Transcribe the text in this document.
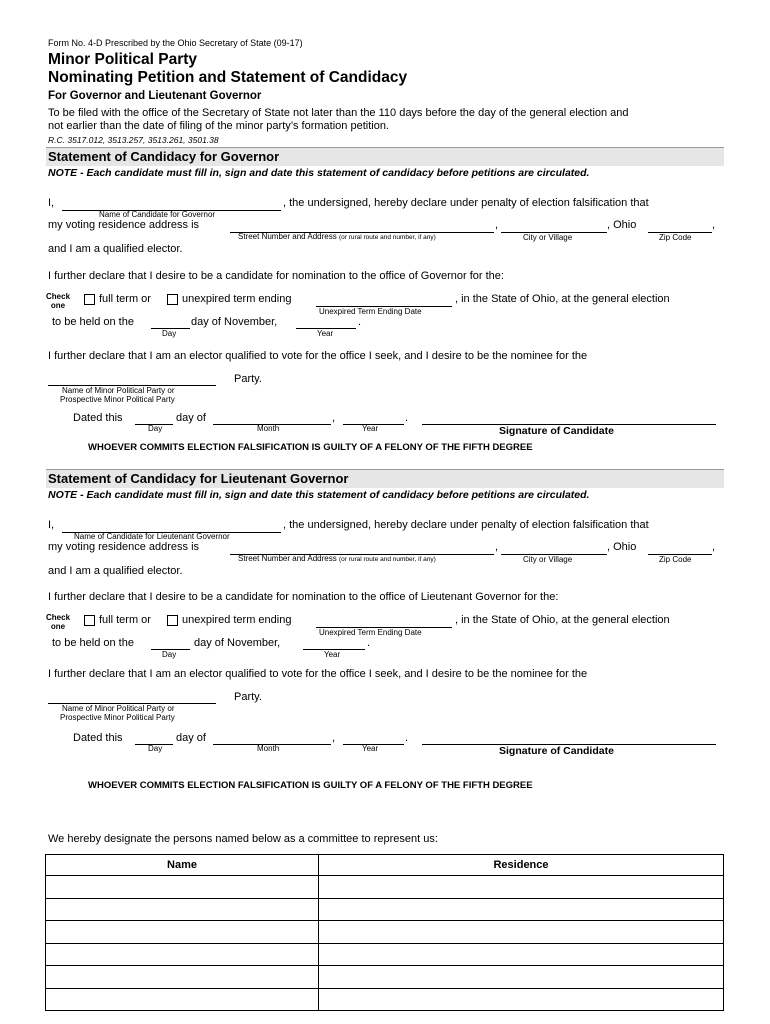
Form No. 4-D Prescribed by the Ohio Secretary of State (09-17)
Minor Political Party
Nominating Petition and Statement of Candidacy
For Governor and Lieutenant Governor
To be filed with the office of the Secretary of State not later than the 110 days before the day of the general election and
not earlier than the date of filing of the minor party’s formation petition.
R.C. 3517.012, 3513.257, 3513.261, 3501.38
Statement of Candidacy for Governor
NOTE - Each candidate must fill in, sign and date this statement of candidacy before petitions are circulated.
I,	, the undersigned, hereby declare under penalty of election falsification that
Name of Candidate for Governor
my voting residence address is	,	, Ohio	,
Street Number and Address (or rural route and number, if any)	City or Village	Zip Code
and I am a qualified elector.
I further declare that I desire to be a candidate for nomination to the office of Governor for the:
Check
one
full term or	unexpired term ending	, in the State of Ohio, at the general election
Unexpired Term Ending Date
to be held on the	day of November,	.
Day	Year
I further declare that I am an elector qualified to vote for the office I seek, and I desire to be the nominee for the
Party.
Name of Minor Political Party or
Prospective Minor Political Party
Dated this	day of	,	.
Day	Month	Year	Signature of Candidate
WHOEVER COMMITS ELECTION FALSIFICATION IS GUILTY OF A FELONY OF THE FIFTH DEGREE
Statement of Candidacy for Lieutenant Governor
NOTE - Each candidate must fill in, sign and date this statement of candidacy before petitions are circulated.
I,	, the undersigned, hereby declare under penalty of election falsification that
Name of Candidate for Lieutenant Governor
my voting residence address is	,	, Ohio	,
Street Number and Address (or rural route and number, if any)	City or Village	Zip Code
and I am a qualified elector.
I further declare that I desire to be a candidate for nomination to the office of Lieutenant Governor for the:
Check
one
full term or	unexpired term ending	, in the State of Ohio, at the general election
Unexpired Term Ending Date
to be held on the	day of November,	.
Day	Year
I further declare that I am an elector qualified to vote for the office I seek, and I desire to be the nominee for the
Party.
Name of Minor Political Party or
Prospective Minor Political Party
Dated this	day of	,	.
Day	Month	Year	Signature of Candidate
WHOEVER COMMITS ELECTION FALSIFICATION IS GUILTY OF A FELONY OF THE FIFTH DEGREE
We hereby designate the persons named below as a committee to represent us:
Name	Residence
